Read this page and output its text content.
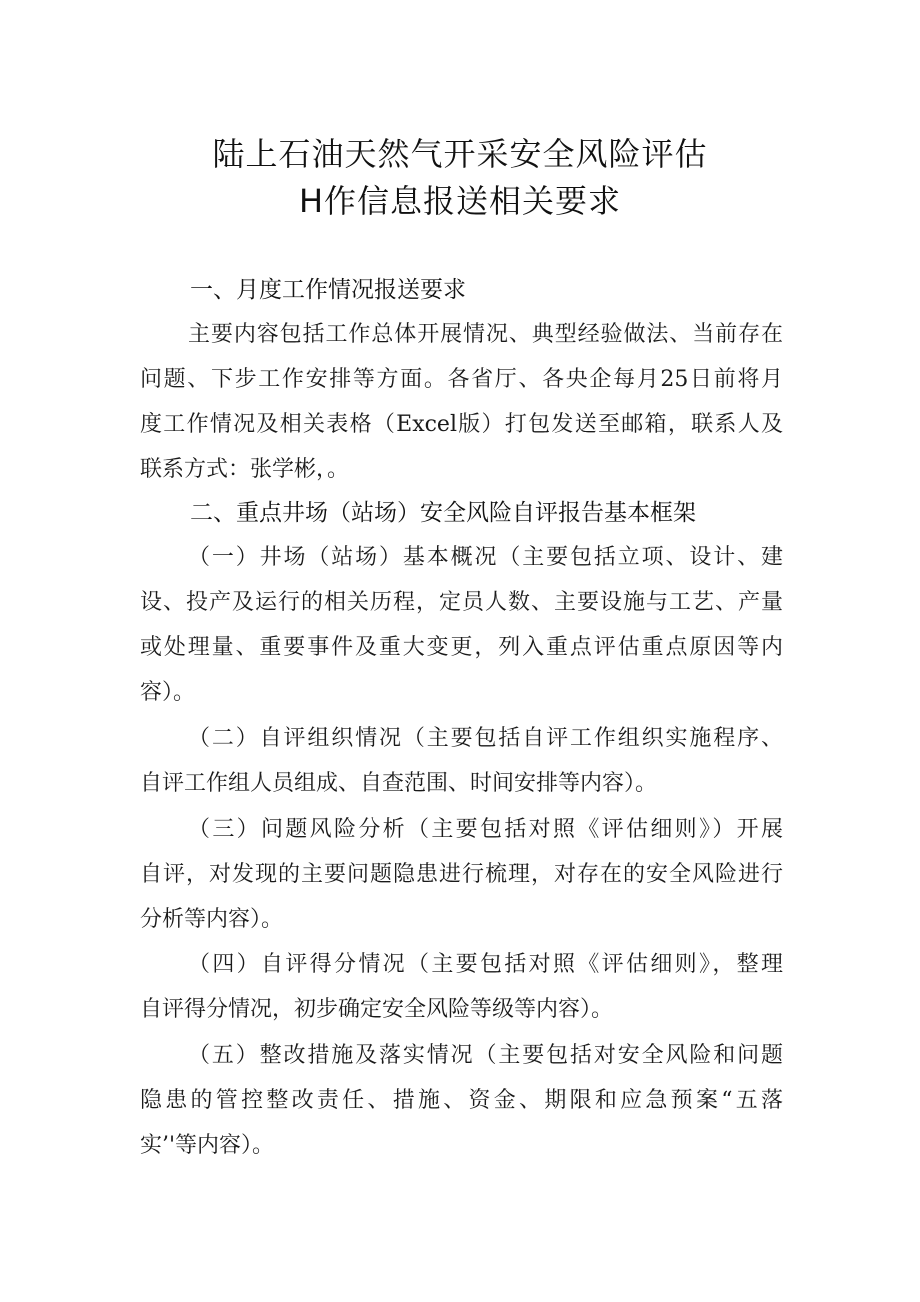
陆上石油天然气开采安全风险评估
H作信息报送相关要求
一、月度工作情况报送要求
主要内容包括工作总体开展情况、典型经验做法、当前存在
问题、下步工作安排等方面。各省厅、各央企每月25日前将月
度工作情况及相关表格（Excel版）打包发送至邮箱，联系人及
联系方式：张学彬，。
二、重点井场（站场）安全风险自评报告基本框架
（一）井场（站场）基本概况（主要包括立项、设计、建
设、投产及运行的相关历程，定员人数、主要设施与工艺、产量
或处理量、重要事件及重大变更，列入重点评估重点原因等内
容）。
（二）自评组织情况（主要包括自评工作组织实施程序、
自评工作组人员组成、自查范围、时间安排等内容）。
（三）问题风险分析（主要包括对照《评估细则》）开展
自评，对发现的主要问题隐患进行梳理，对存在的安全风险进行
分析等内容）。
（四）自评得分情况（主要包括对照《评估细则》，整理
自评得分情况，初步确定安全风险等级等内容）。
（五）整改措施及落实情况（主要包括对安全风险和问题
隐患的管控整改责任、措施、资金、期限和应急预案“五落
实’'等内容）。
